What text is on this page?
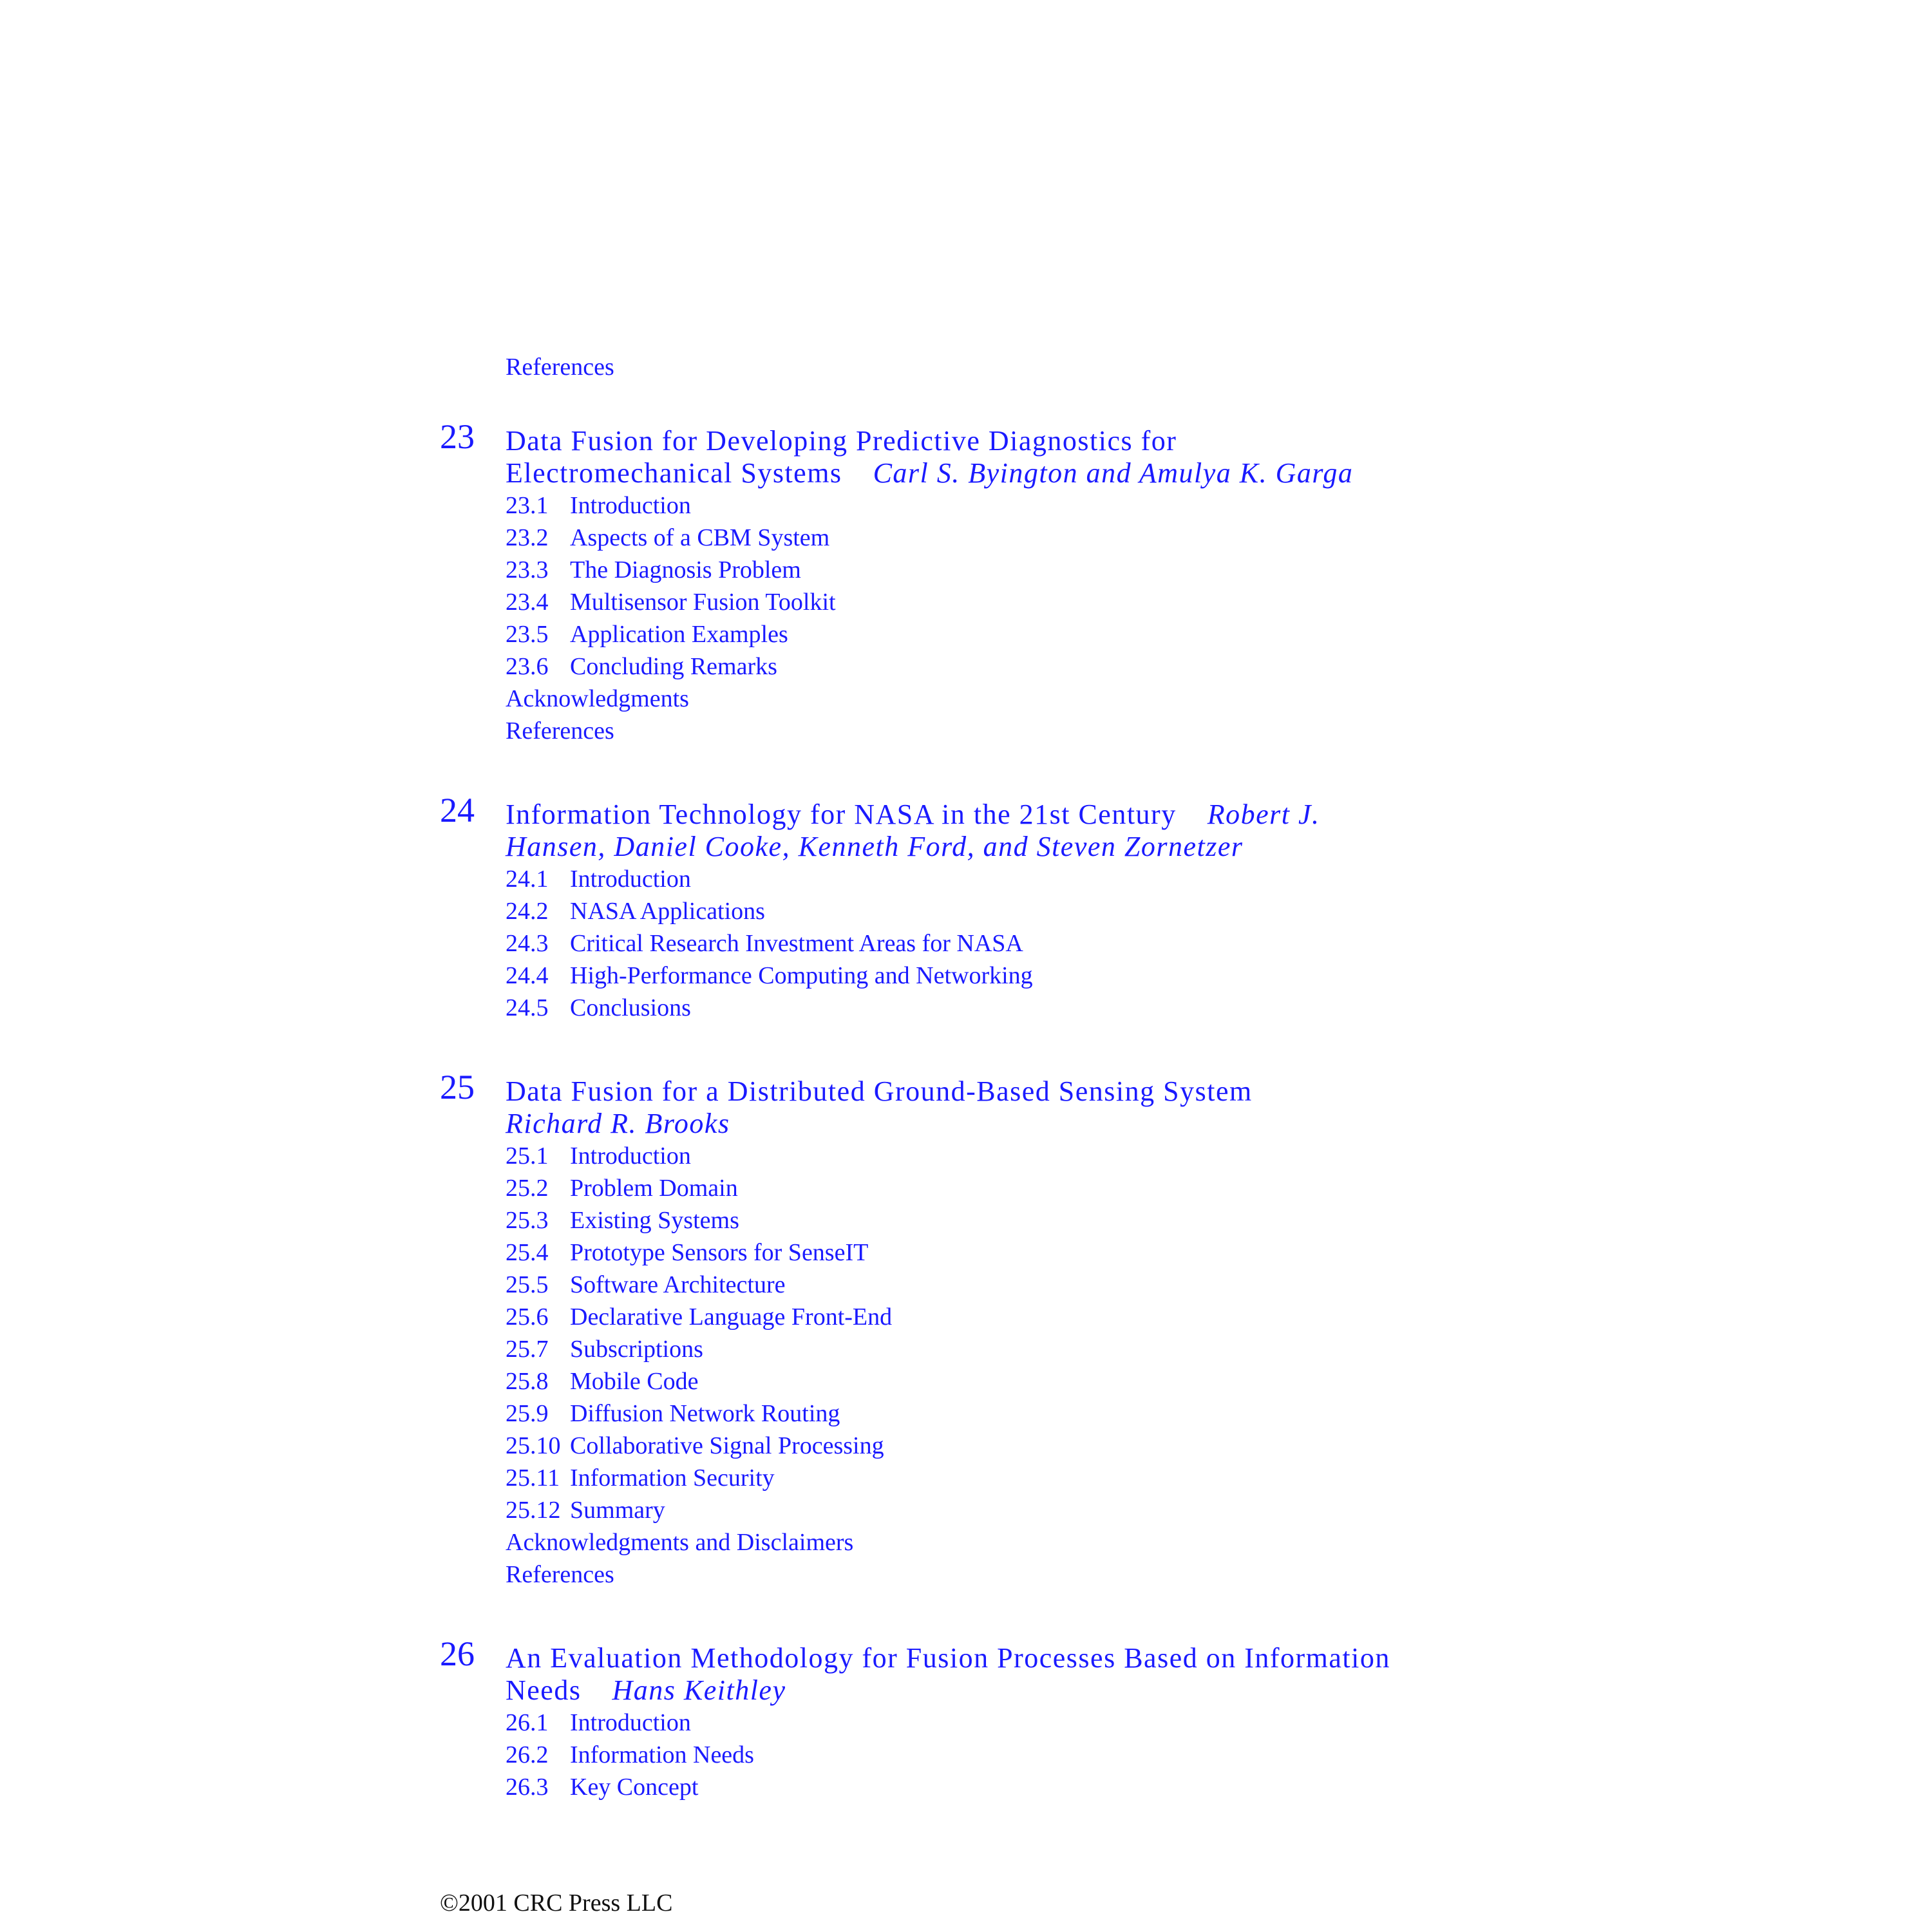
References
23 Data Fusion for Developing Predictive Diagnostics for
Electromechanical Systems Carl S. Byington and Amulya K. Garga
23.1 Introduction
23.2 Aspects of a CBM System
23.3 The Diagnosis Problem
23.4 Multisensor Fusion Toolkit
23.5 Application Examples
23.6 Concluding Remarks
Acknowledgments
References
24 Information Technology for NASA in the 21st Century Robert J.
Hansen, Daniel Cooke, Kenneth Ford, and Steven Zornetzer
24.1 Introduction
24.2 NASA Applications
24.3 Critical Research Investment Areas for NASA
24.4 High-Performance Computing and Networking
24.5 Conclusions
25 Data Fusion for a Distributed Ground-Based Sensing System
Richard R. Brooks
25.1 Introduction
25.2 Problem Domain
25.3 Existing Systems
25.4 Prototype Sensors for SenseIT
25.5 Software Architecture
25.6 Declarative Language Front-End
25.7 Subscriptions
25.8 Mobile Code
25.9 Diffusion Network Routing
25.10 Collaborative Signal Processing
25.11 Information Security
25.12 Summary
Acknowledgments and Disclaimers
References
26 An Evaluation Methodology for Fusion Processes Based on Information
Needs Hans Keithley
26.1 Introduction
26.2 Information Needs
26.3 Key Concept
©2001 CRC Press LLC
